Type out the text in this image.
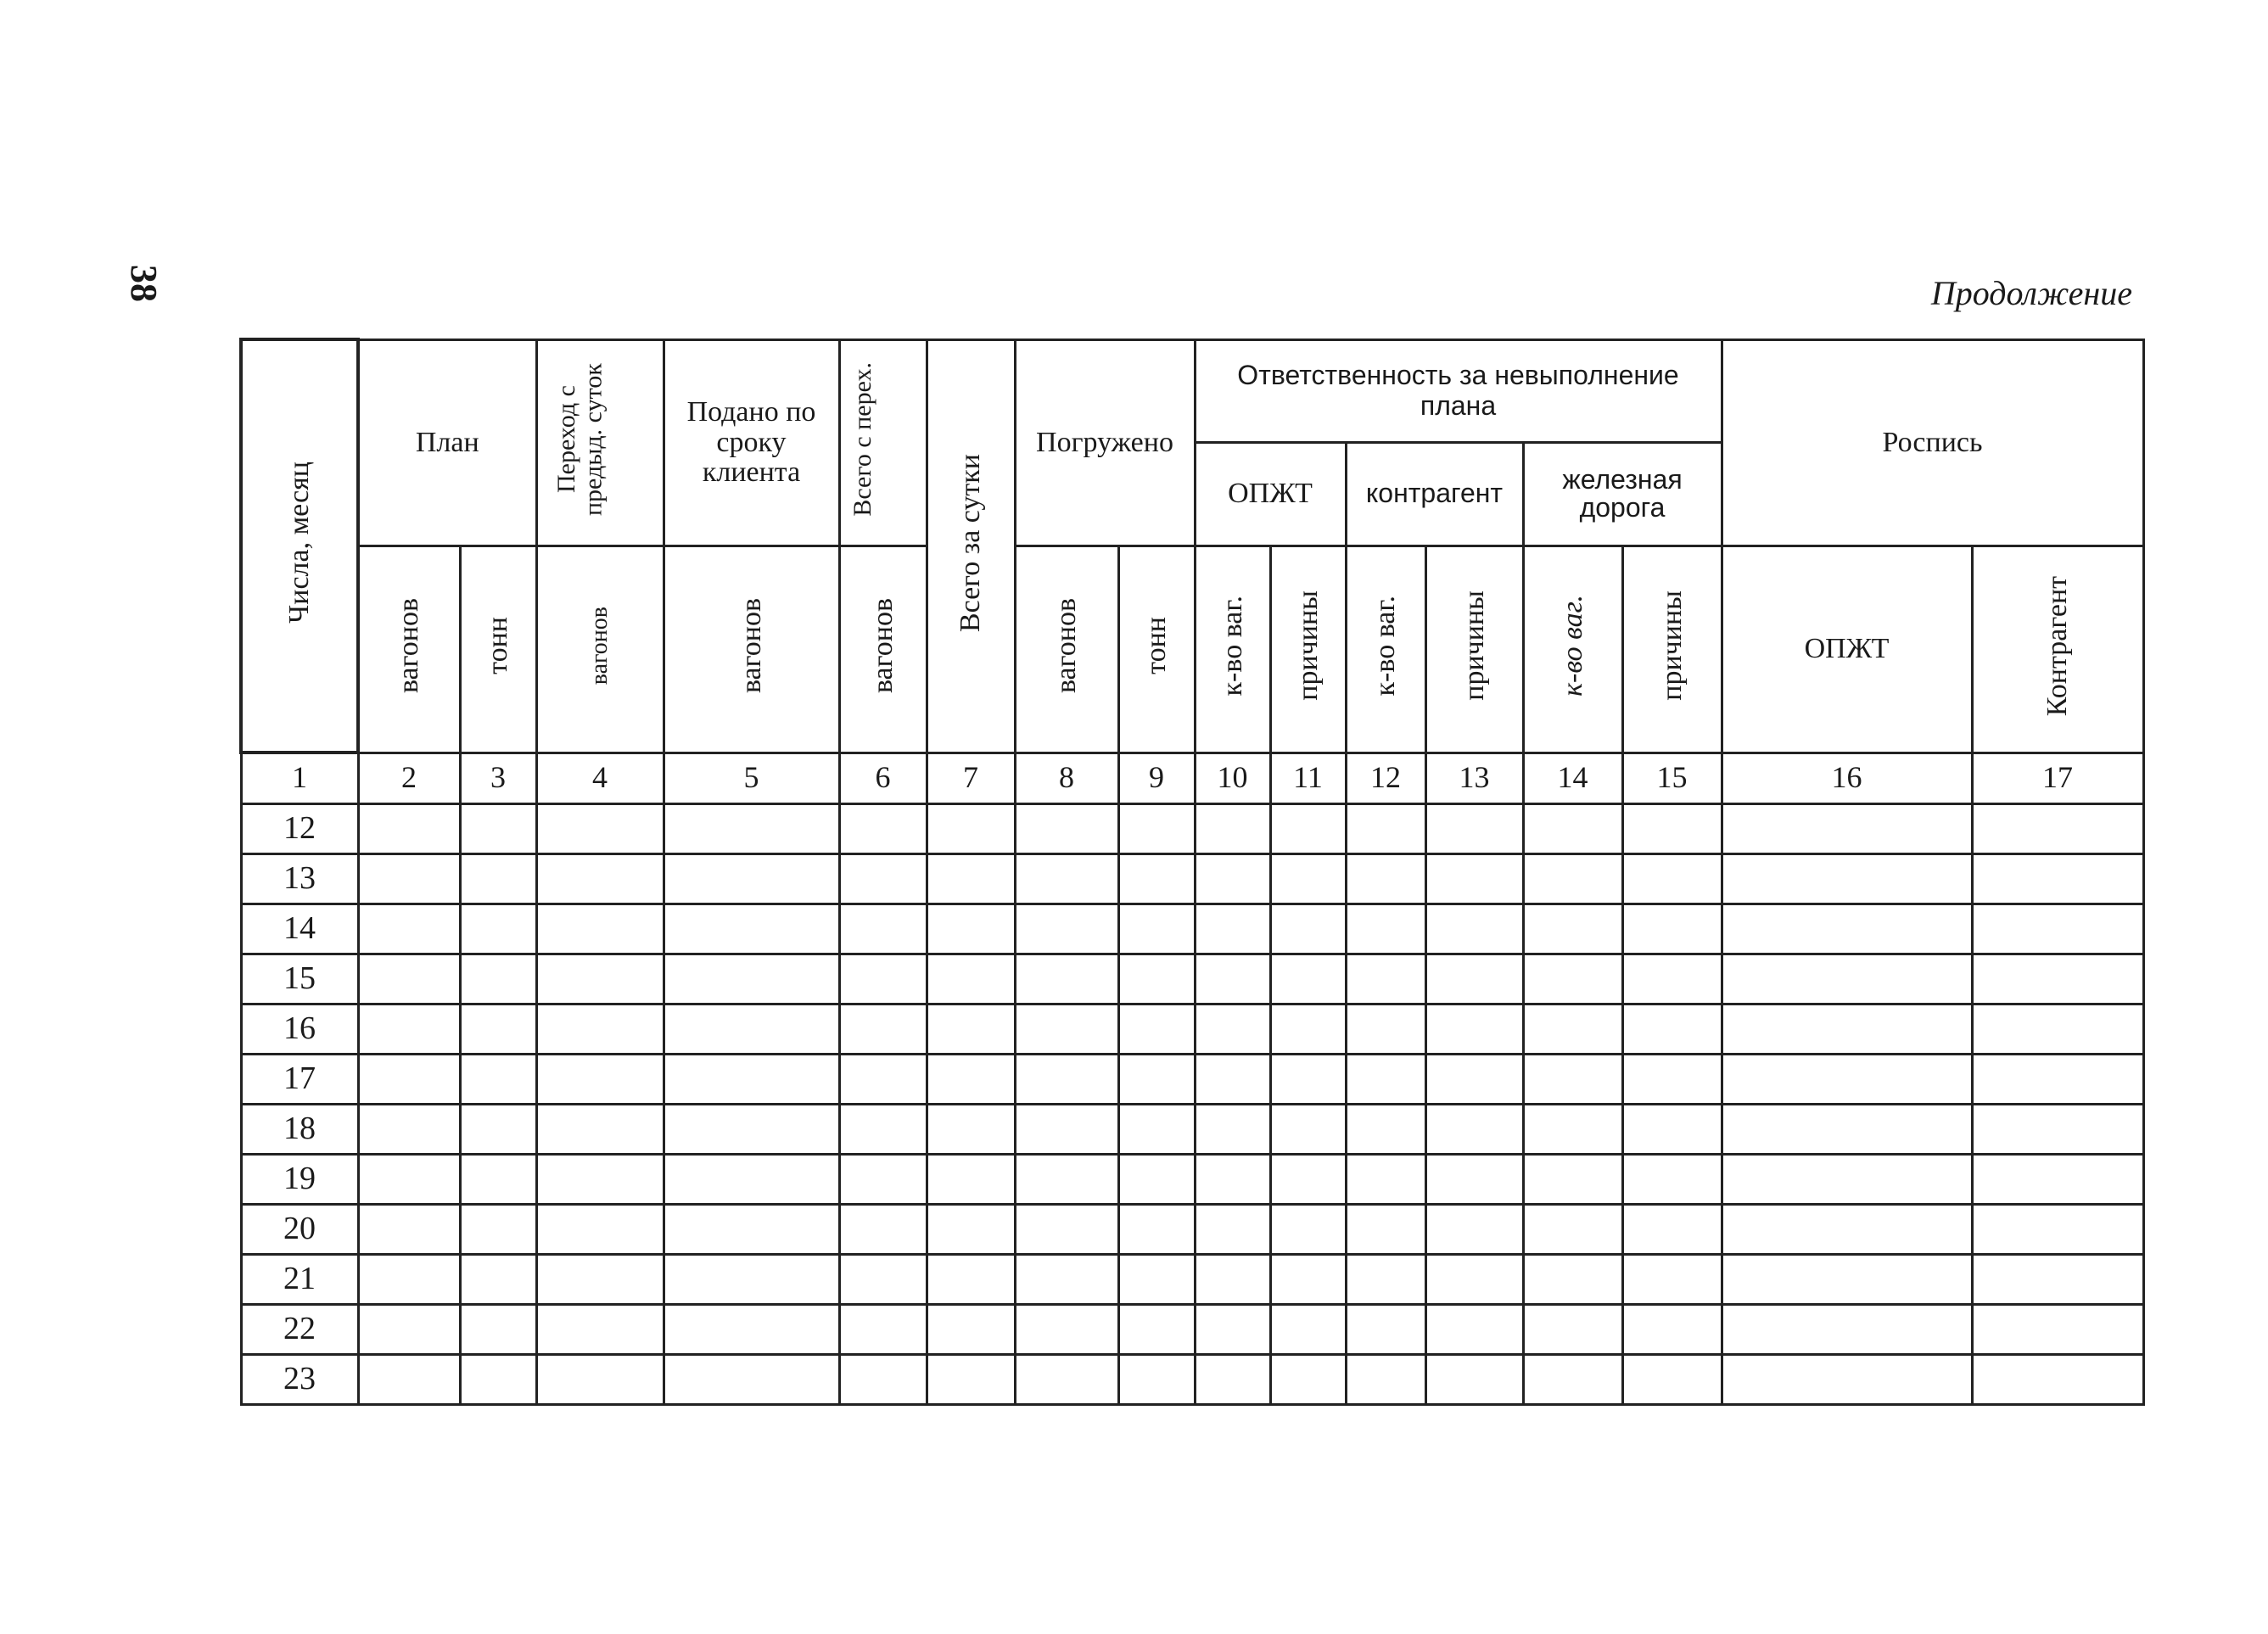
38	Продолжение
Числа, месяц	План		Переход с предыд. суток	Подано по сроку клиента	Всего с перех.	Всего за сутки	Погружено		Ответственность за невыполнение плана						Роспись	
									ОПЖТ		контрагент		железная дорога			
	вагонов	тонн	вагонов	вагонов	вагонов		вагонов	тонн	к-во ваг.	причины	к-во ваг.	причины	к-во ваг.	причины	ОПЖТ	Контрагент
1	2	3	4	5	6	7	8	9	10	11	12	13	14	15	16	17
12																
13																
14																
15																
16																
17																
18																
19																
20																
21																
22																
23																
